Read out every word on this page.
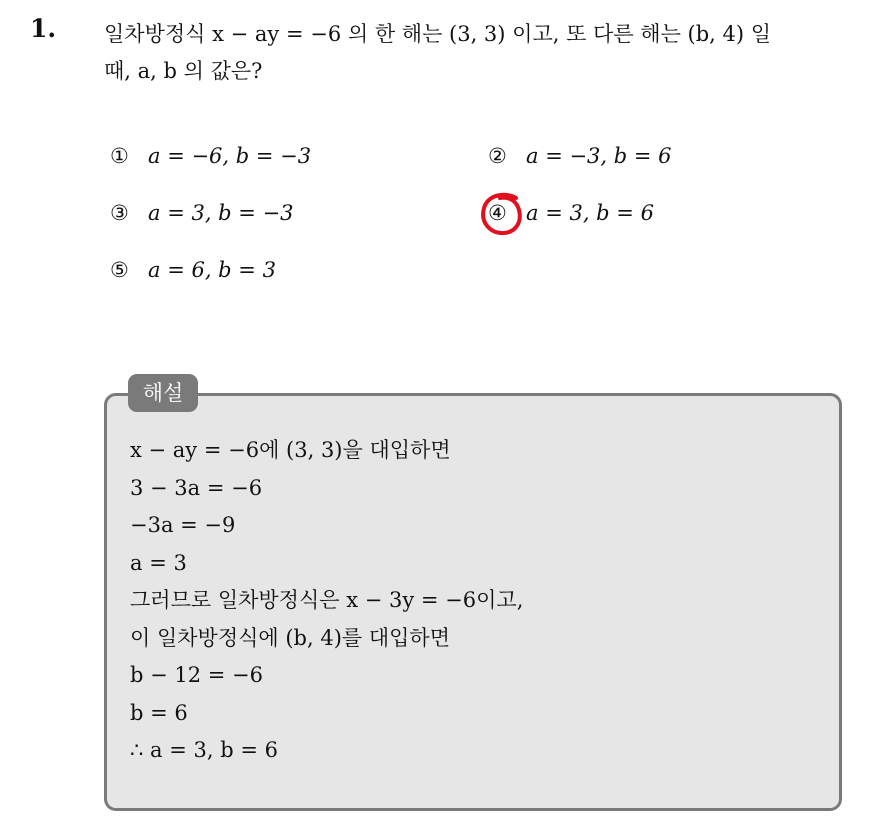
1. 일차방정식 x − ay = −6 의 한 해는 (3, 3) 이고, 또 다른 해는 (b, 4) 일
때, a, b 의 값은?
① a = −6, b = −3	② a = −3, b = 6
③ a = 3, b = −3	④ a = 3, b = 6
⑤ a = 6, b = 3
해설
x − ay = −6에 (3, 3)을 대입하면
3 − 3a = −6
−3a = −9
a = 3
그러므로 일차방정식은 x − 3y = −6이고,
이 일차방정식에 (b, 4)를 대입하면
b − 12 = −6
b = 6
∴ a = 3, b = 6
